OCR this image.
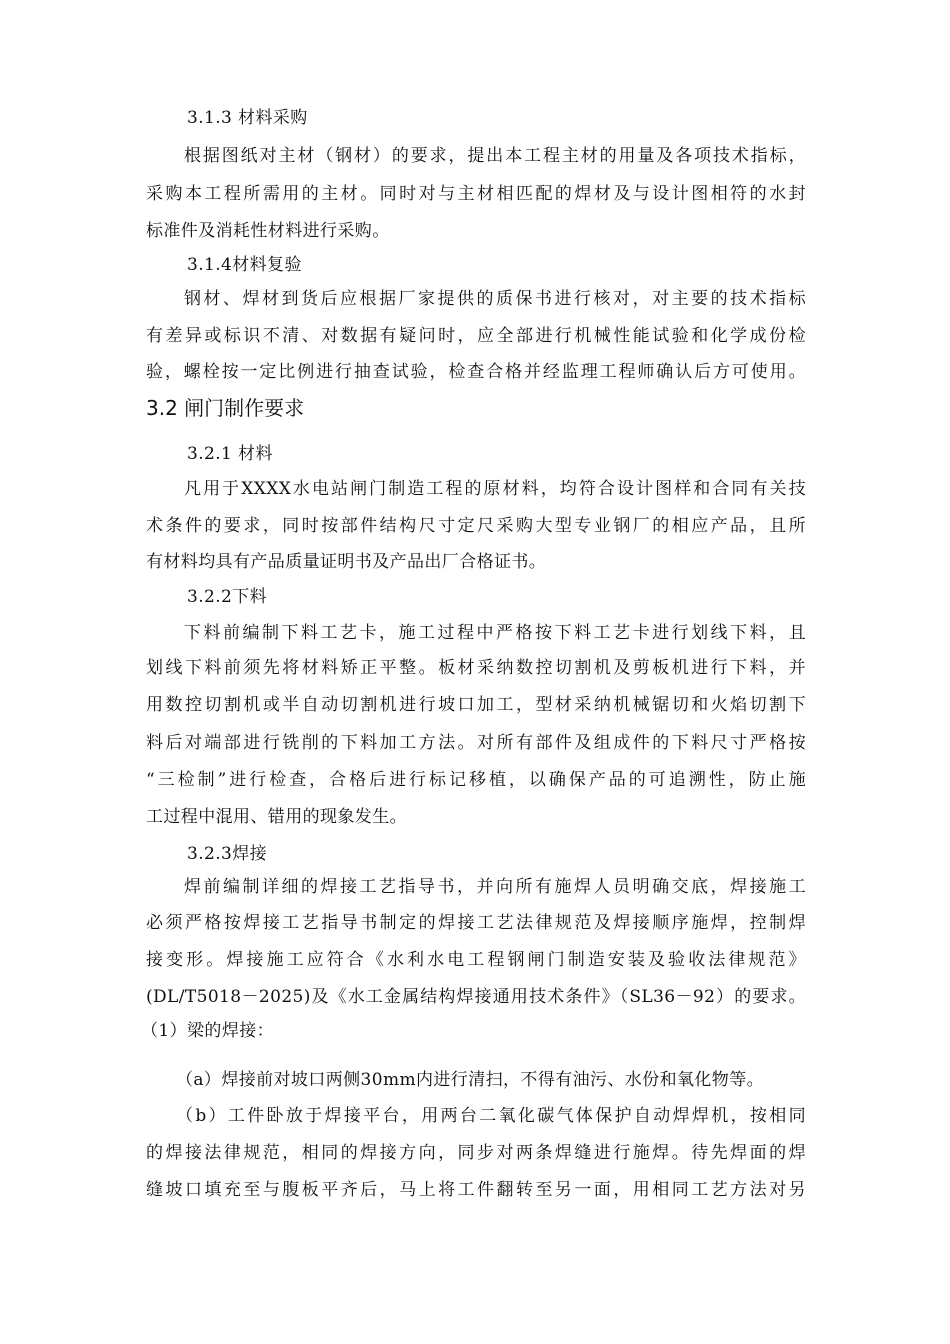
3.1.3 材料采购
根据图纸对主材（钢材）的要求，提出本工程主材的用量及各项技术指标，
采购本工程所需用的主材。同时对与主材相匹配的焊材及与设计图相符的水封
标准件及消耗性材料进行采购。
3.1.4材料复验
钢材、焊材到货后应根据厂家提供的质保书进行核对，对主要的技术指标
有差异或标识不清、对数据有疑问时，应全部进行机械性能试验和化学成份检
验，螺栓按一定比例进行抽查试验，检查合格并经监理工程师确认后方可使用。
3.2 闸门制作要求
3.2.1 材料
凡用于XXXX水电站闸门制造工程的原材料，均符合设计图样和合同有关技
术条件的要求，同时按部件结构尺寸定尺采购大型专业钢厂的相应产品，且所
有材料均具有产品质量证明书及产品出厂合格证书。
3.2.2下料
下料前编制下料工艺卡，施工过程中严格按下料工艺卡进行划线下料，且
划线下料前须先将材料矫正平整。板材采纳数控切割机及剪板机进行下料，并
用数控切割机或半自动切割机进行坡口加工，型材采纳机械锯切和火焰切割下
料后对端部进行铣削的下料加工方法。对所有部件及组成件的下料尺寸严格按
“三检制”进行检查，合格后进行标记移植，以确保产品的可追溯性，防止施
工过程中混用、错用的现象发生。
3.2.3焊接
焊前编制详细的焊接工艺指导书，并向所有施焊人员明确交底，焊接施工
必须严格按焊接工艺指导书制定的焊接工艺法律规范及焊接顺序施焊，控制焊
接变形。焊接施工应符合《水利水电工程钢闸门制造安装及验收法律规范》
(DL/T5018－2025)及《水工金属结构焊接通用技术条件》（SL36－92）的要求。
（1）梁的焊接：
（a）焊接前对坡口两侧30mm内进行清扫，不得有油污、水份和氧化物等。
（b）工件卧放于焊接平台，用两台二氧化碳气体保护自动焊焊机，按相同
的焊接法律规范，相同的焊接方向，同步对两条焊缝进行施焊。待先焊面的焊
缝坡口填充至与腹板平齐后，马上将工件翻转至另一面，用相同工艺方法对另
